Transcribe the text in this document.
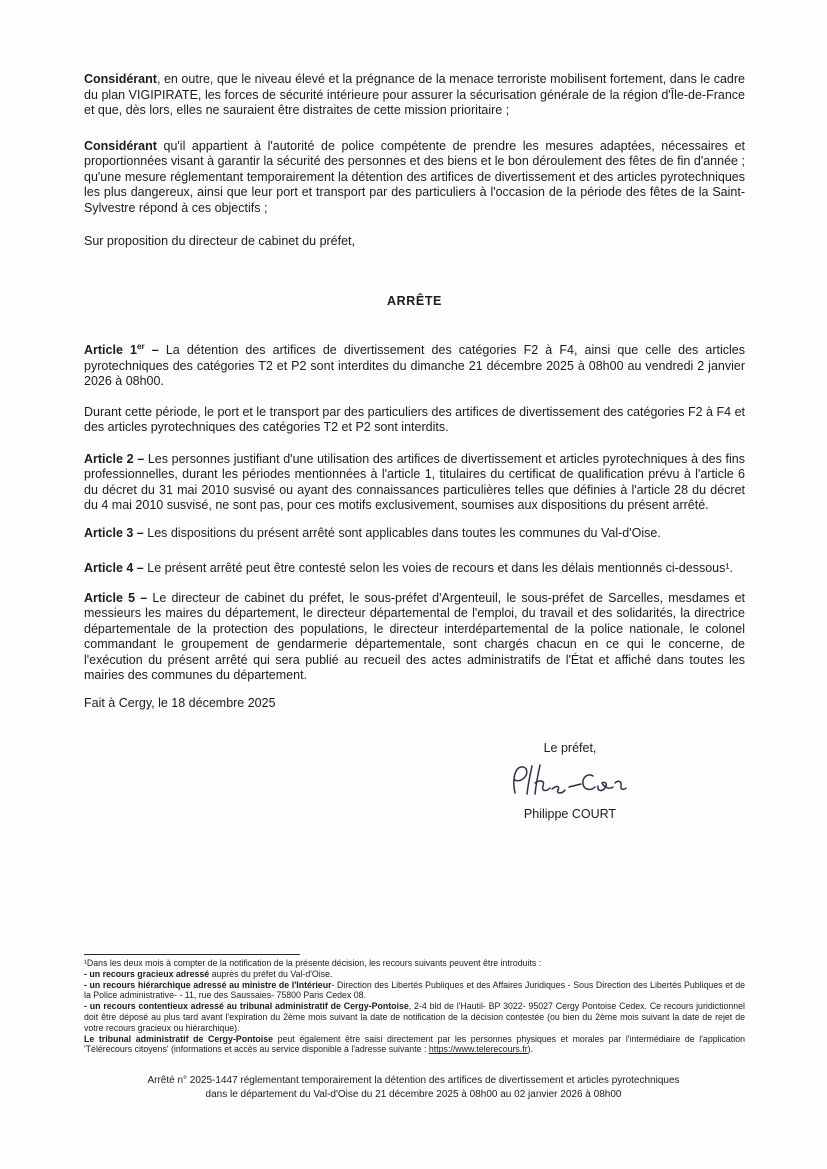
Considérant, en outre, que le niveau élevé et la prégnance de la menace terroriste mobilisent fortement, dans le cadre du plan VIGIPIRATE, les forces de sécurité intérieure pour assurer la sécurisation générale de la région d'Île-de-France et que, dès lors, elles ne sauraient être distraites de cette mission prioritaire ;

Considérant qu'il appartient à l'autorité de police compétente de prendre les mesures adaptées, nécessaires et proportionnées visant à garantir la sécurité des personnes et des biens et le bon déroulement des fêtes de fin d'année ; qu'une mesure réglementant temporairement la détention des artifices de divertissement et des articles pyrotechniques les plus dangereux, ainsi que leur port et transport par des particuliers à l'occasion de la période des fêtes de la Saint-Sylvestre répond à ces objectifs ;

Sur proposition du directeur de cabinet du préfet,

ARRÊTE

Article 1er – La détention des artifices de divertissement des catégories F2 à F4, ainsi que celle des articles pyrotechniques des catégories T2 et P2 sont interdites du dimanche 21 décembre 2025 à 08h00 au vendredi 2 janvier 2026 à 08h00.

Durant cette période, le port et le transport par des particuliers des artifices de divertissement des catégories F2 à F4 et des articles pyrotechniques des catégories T2 et P2 sont interdits.

Article 2 – Les personnes justifiant d'une utilisation des artifices de divertissement et articles pyrotechniques à des fins professionnelles, durant les périodes mentionnées à l'article 1, titulaires du certificat de qualification prévu à l'article 6 du décret du 31 mai 2010 susvisé ou ayant des connaissances particulières telles que définies à l'article 28 du décret du 4 mai 2010 susvisé, ne sont pas, pour ces motifs exclusivement, soumises aux dispositions du présent arrêté.

Article 3 – Les dispositions du présent arrêté sont applicables dans toutes les communes du Val-d'Oise.

Article 4 – Le présent arrêté peut être contesté selon les voies de recours et dans les délais mentionnés ci-dessous¹.

Article 5 – Le directeur de cabinet du préfet, le sous-préfet d'Argenteuil, le sous-préfet de Sarcelles, mesdames et messieurs les maires du département, le directeur départemental de l'emploi, du travail et des solidarités, la directrice départementale de la protection des populations, le directeur interdépartemental de la police nationale, le colonel commandant le groupement de gendarmerie départementale, sont chargés chacun en ce qui le concerne, de l'exécution du présent arrêté qui sera publié au recueil des actes administratifs de l'État et affiché dans toutes les mairies des communes du département.

Fait à Cergy, le 18 décembre 2025

Le préfet,
Philippe COURT
¹Dans les deux mois à compter de la notification de la présente décision, les recours suivants peuvent être introduits :
- un recours gracieux adressé auprès du préfet du Val-d'Oise.
- un recours hiérarchique adressé au ministre de l'Intérieur- Direction des Libertés Publiques et des Affaires Juridiques - Sous Direction des Libertés Publiques et de la Police administrative- - 11, rue des Saussaies- 75800 Paris Cedex 08.
- un recours contentieux adressé au tribunal administratif de Cergy-Pontoise, 2-4 bld de l'Hautil- BP 3022- 95027 Cergy Pontoise Cedex. Ce recours juridictionnel doit être déposé au plus tard avant l'expiration du 2ème mois suivant la date de notification de la décision contestée (ou bien du 2ème mois suivant la date de rejet de votre recours gracieux ou hiérarchique).
Le tribunal administratif de Cergy-Pontoise peut également être saisi directement par les personnes physiques et morales par l'intermédiaire de l'application 'Télérecours citoyens' (informations et accès au service disponible à l'adresse suivante : https://www.telerecours.fr).
Arrêté n° 2025-1447 réglementant temporairement la détention des artifices de divertissement et articles pyrotechniques
dans le département du Val-d'Oise du 21 décembre 2025 à 08h00 au 02 janvier 2026 à 08h00
